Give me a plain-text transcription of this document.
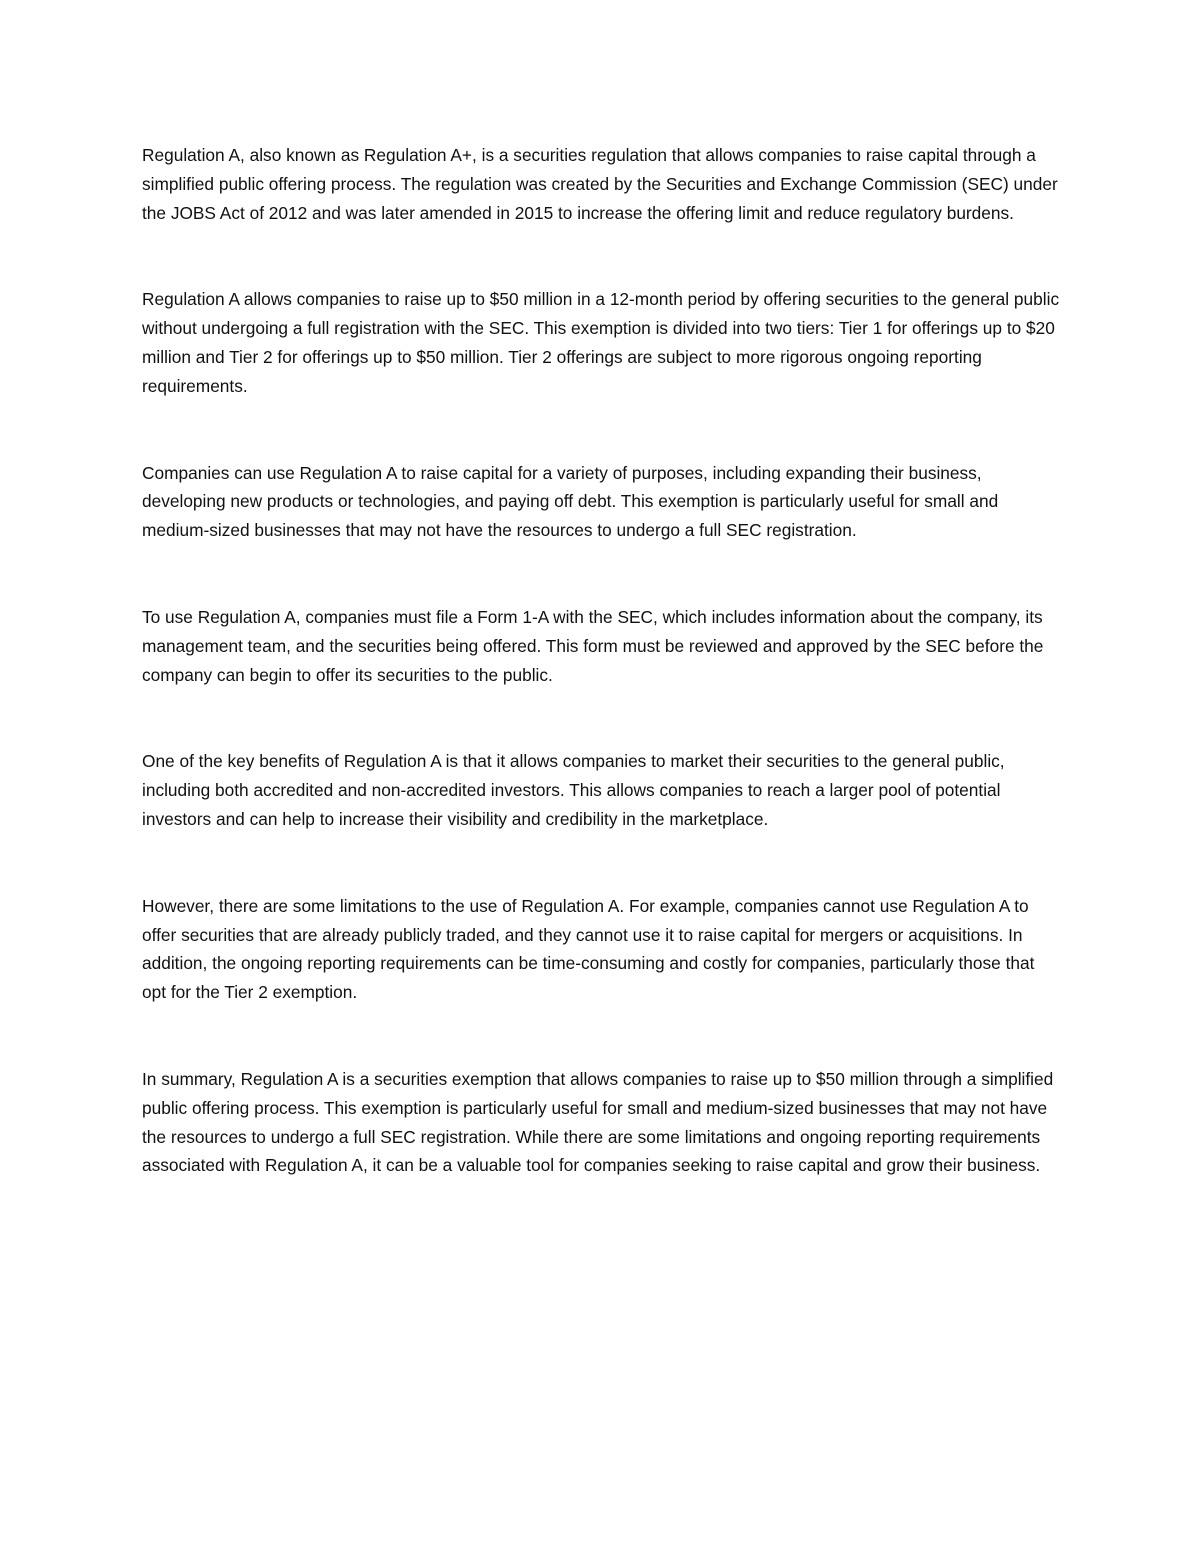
Regulation A, also known as Regulation A+, is a securities regulation that allows companies to raise capital through a simplified public offering process. The regulation was created by the Securities and Exchange Commission (SEC) under the JOBS Act of 2012 and was later amended in 2015 to increase the offering limit and reduce regulatory burdens.

Regulation A allows companies to raise up to $50 million in a 12-month period by offering securities to the general public without undergoing a full registration with the SEC. This exemption is divided into two tiers: Tier 1 for offerings up to $20 million and Tier 2 for offerings up to $50 million. Tier 2 offerings are subject to more rigorous ongoing reporting requirements.

Companies can use Regulation A to raise capital for a variety of purposes, including expanding their business, developing new products or technologies, and paying off debt. This exemption is particularly useful for small and medium-sized businesses that may not have the resources to undergo a full SEC registration.

To use Regulation A, companies must file a Form 1-A with the SEC, which includes information about the company, its management team, and the securities being offered. This form must be reviewed and approved by the SEC before the company can begin to offer its securities to the public.

One of the key benefits of Regulation A is that it allows companies to market their securities to the general public, including both accredited and non-accredited investors. This allows companies to reach a larger pool of potential investors and can help to increase their visibility and credibility in the marketplace.

However, there are some limitations to the use of Regulation A. For example, companies cannot use Regulation A to offer securities that are already publicly traded, and they cannot use it to raise capital for mergers or acquisitions. In addition, the ongoing reporting requirements can be time-consuming and costly for companies, particularly those that opt for the Tier 2 exemption.

In summary, Regulation A is a securities exemption that allows companies to raise up to $50 million through a simplified public offering process. This exemption is particularly useful for small and medium-sized businesses that may not have the resources to undergo a full SEC registration. While there are some limitations and ongoing reporting requirements associated with Regulation A, it can be a valuable tool for companies seeking to raise capital and grow their business.
